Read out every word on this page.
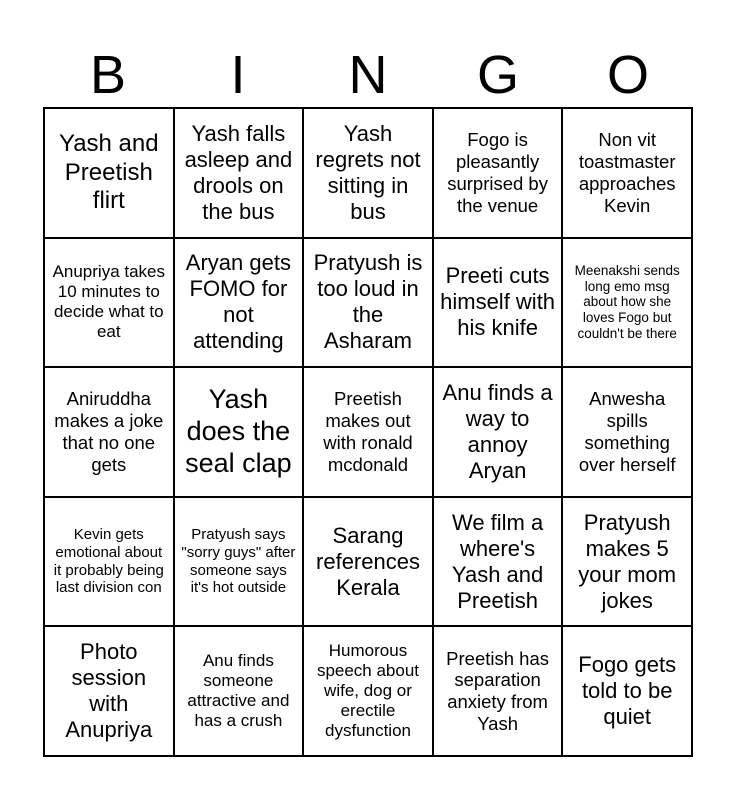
B	I	N	G	O
Yash and Preetish flirt
Yash falls asleep and drools on the bus
Yash regrets not sitting in bus
Fogo is pleasantly surprised by the venue
Non vit toastmaster approaches Kevin
Anupriya takes 10 minutes to decide what to eat
Aryan gets FOMO for not attending
Pratyush is too loud in the Asharam
Preeti cuts himself with his knife
Meenakshi sends long emo msg about how she loves Fogo but couldn't be there
Aniruddha makes a joke that no one gets
Yash does the seal clap
Preetish makes out with ronald mcdonald
Anu finds a way to annoy Aryan
Anwesha spills something over herself
Kevin gets emotional about it probably being last division con
Pratyush says "sorry guys" after someone says it's hot outside
Sarang references Kerala
We film a where's Yash and Preetish
Pratyush makes 5 your mom jokes
Photo session with Anupriya
Anu finds someone attractive and has a crush
Humorous speech about wife, dog or erectile dysfunction
Preetish has separation anxiety from Yash
Fogo gets told to be quiet
